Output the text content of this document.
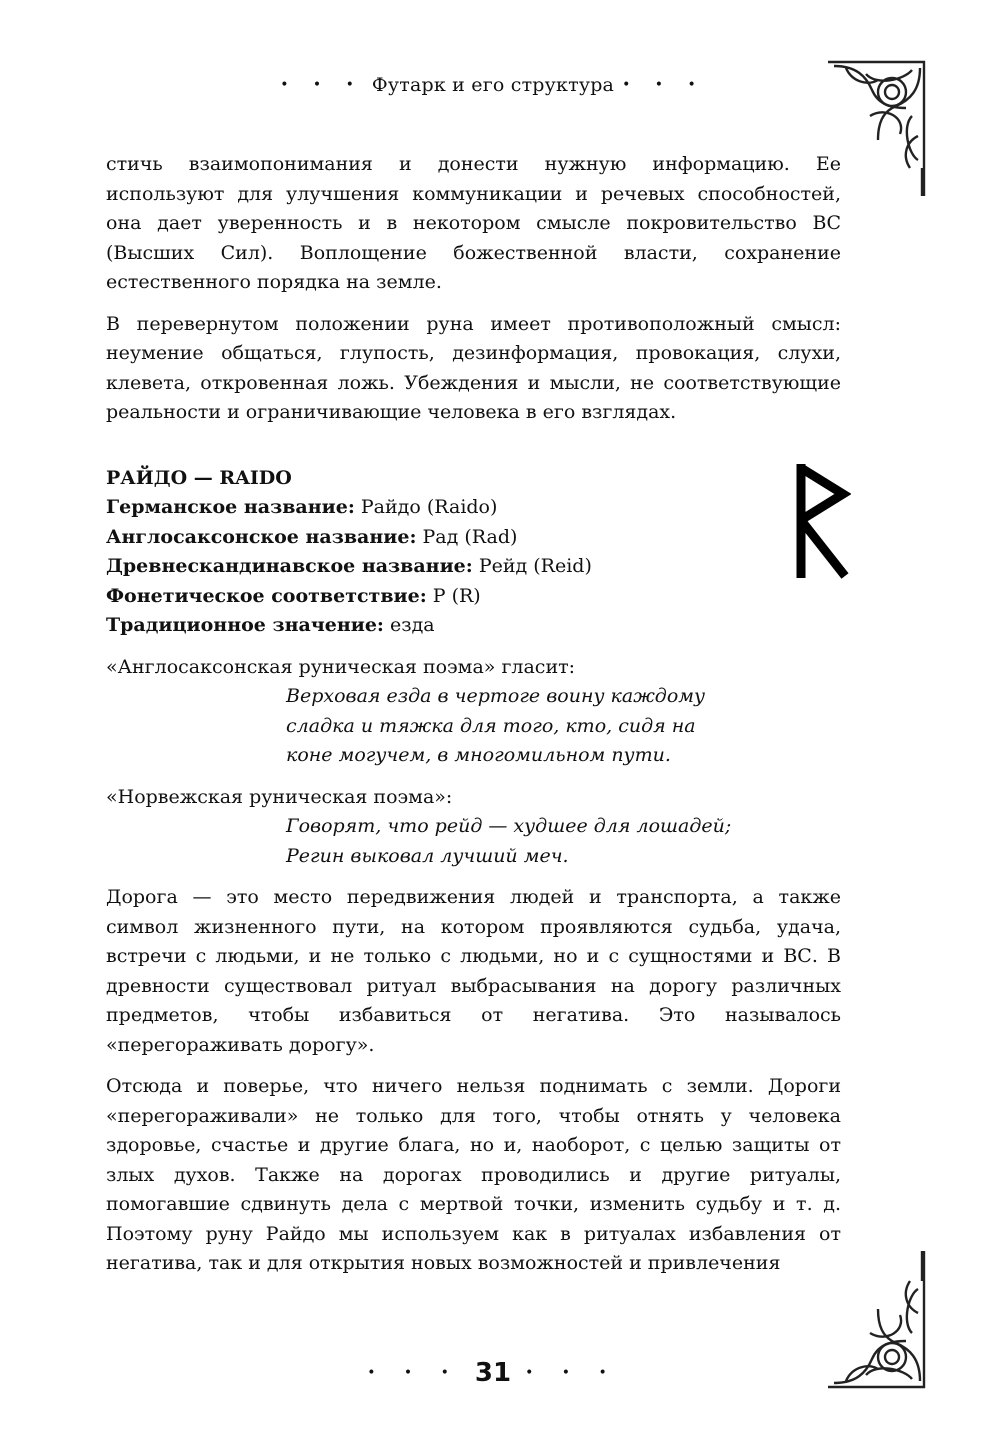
• • • Футарк и его структура • • •

стичь взаимопонимания и донести нужную информацию. Ее используют для улучшения коммуникации и речевых способностей, она дает уверенность и в некотором смысле покровительство ВС (Высших Сил). Воплощение божественной власти, сохранение естественного порядка на земле.

В перевернутом положении руна имеет противоположный смысл: неумение общаться, глупость, дезинформация, провокация, слухи, клевета, откровенная ложь. Убеждения и мысли, не соответствующие реальности и ограничивающие человека в его взглядах.

РАЙДО — RAIDO
Германское название: Райдо (Raido)
Англосаксонское название: Рад (Rad)
Древнескандинавское название: Рейд (Reid)
Фонетическое соответствие: Р (R)
Традиционное значение: езда
«Англосаксонская руническая поэма» гласит:
Верховая езда в чертоге воину каждому
сладка и тяжка для того, кто, сидя на
коне могучем, в многомильном пути.
«Норвежская руническая поэма»:
Говорят, что рейд — худшее для лошадей;
Регин выковал лучший меч.

Дорога — это место передвижения людей и транспорта, а также символ жизненного пути, на котором проявляются судьба, удача, встречи с людьми, и не только с людьми, но и с сущностями и ВС. В древности существовал ритуал выбрасывания на дорогу различных предметов, чтобы избавиться от негатива. Это называлось «перегораживать дорогу».

Отсюда и поверье, что ничего нельзя поднимать с земли. Дороги «перегораживали» не только для того, чтобы отнять у человека здоровье, счастье и другие блага, но и, наоборот, с целью защиты от злых духов. Также на дорогах проводились и другие ритуалы, помогавшие сдвинуть дела с мертвой точки, изменить судьбу и т. д. Поэтому руну Райдо мы используем как в ритуалах избавления от негатива, так и для открытия новых возможностей и привлечения

• • • 31 • • •
